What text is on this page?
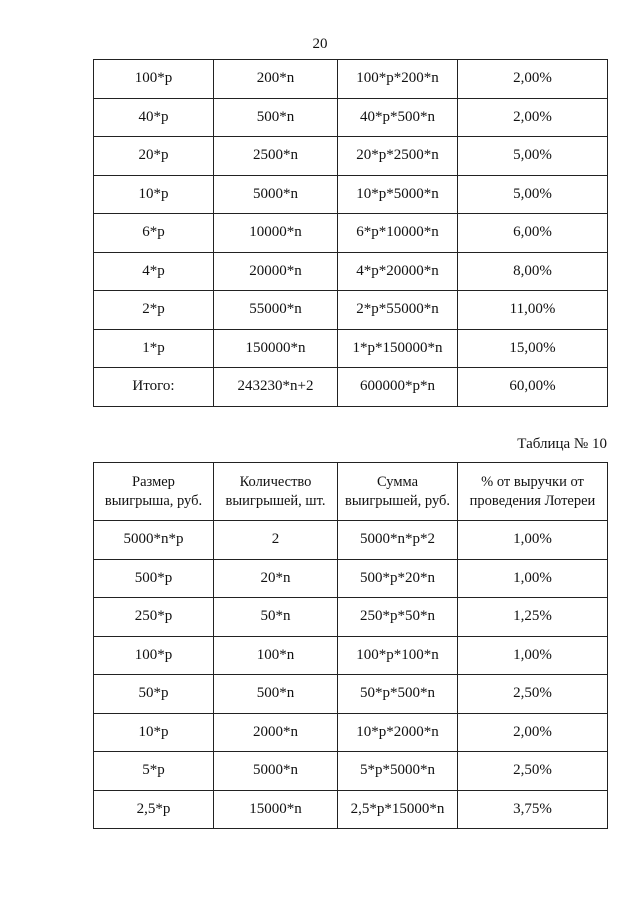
20
100*р	200*n	100*р*200*n	2,00%
40*р	500*n	40*р*500*n	2,00%
20*р	2500*n	20*р*2500*n	5,00%
10*р	5000*n	10*р*5000*n	5,00%
6*р	10000*n	6*р*10000*n	6,00%
4*р	20000*n	4*р*20000*n	8,00%
2*р	55000*n	2*р*55000*n	11,00%
1*р	150000*n	1*р*150000*n	15,00%
Итого:	243230*n+2	600000*р*n	60,00%
Таблица № 10
Размер выигрыша, руб.	Количество выигрышей, шт.	Сумма выигрышей, руб.	% от выручки от проведения Лотереи
5000*n*р	2	5000*n*р*2	1,00%
500*р	20*n	500*р*20*n	1,00%
250*р	50*n	250*р*50*n	1,25%
100*р	100*n	100*р*100*n	1,00%
50*р	500*n	50*р*500*n	2,50%
10*р	2000*n	10*р*2000*n	2,00%
5*р	5000*n	5*р*5000*n	2,50%
2,5*р	15000*n	2,5*р*15000*n	3,75%
